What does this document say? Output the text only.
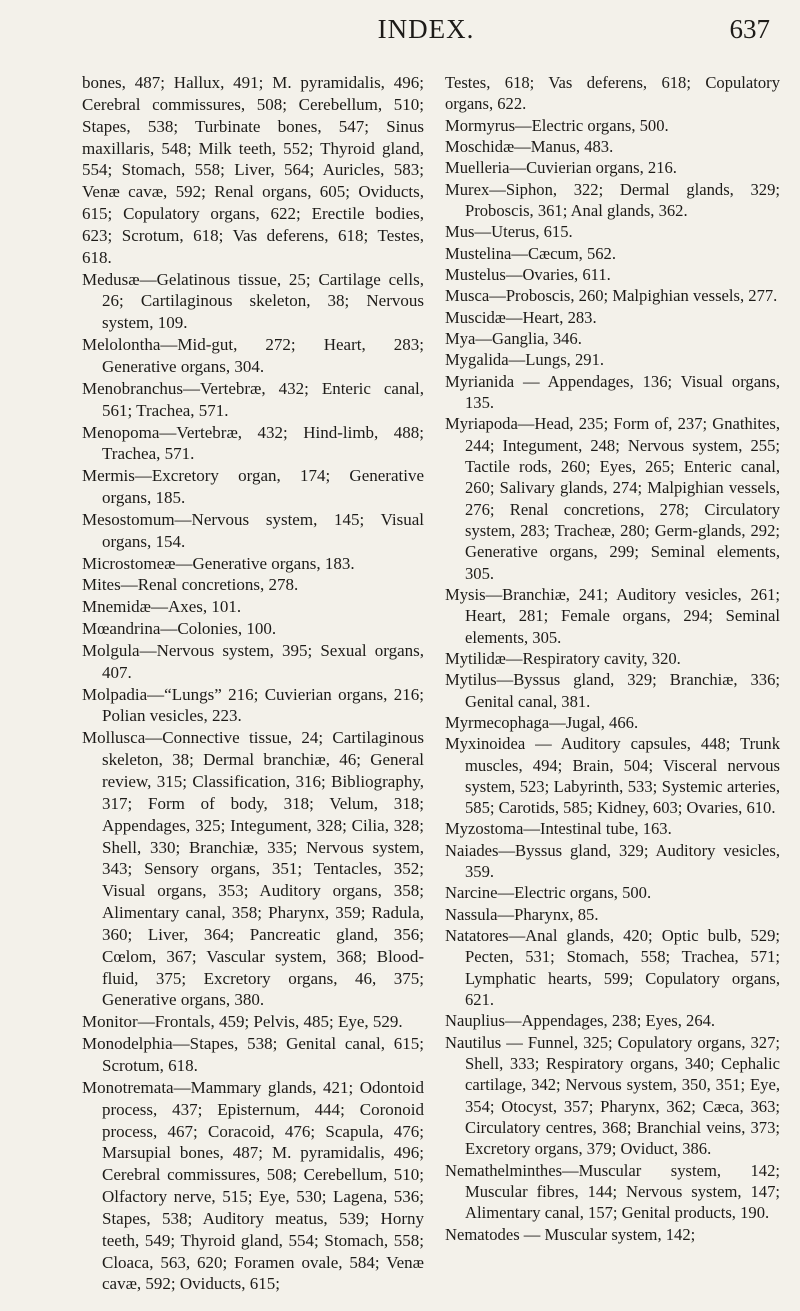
INDEX.	637

bones, 487; Hallux, 491; M. pyramidalis, 496; Cerebral commissures, 508; Cerebellum, 510; Stapes, 538; Turbinate bones, 547; Sinus maxillaris, 548; Milk teeth, 552; Thyroid gland, 554; Stomach, 558; Liver, 564; Auricles, 583; Venæ cavæ, 592; Renal organs, 605; Oviducts, 615; Copulatory organs, 622; Erectile bodies, 623; Scrotum, 618; Vas deferens, 618; Testes, 618.

Medusæ—Gelatinous tissue, 25; Cartilage cells, 26; Cartilaginous skeleton, 38; Nervous system, 109.

Melolontha—Mid-gut, 272; Heart, 283; Generative organs, 304.

Menobranchus—Vertebræ, 432; Enteric canal, 561; Trachea, 571.

Menopoma—Vertebræ, 432; Hind-limb, 488; Trachea, 571.

Mermis—Excretory organ, 174; Generative organs, 185.

Mesostomum—Nervous system, 145; Visual organs, 154.

Microstomeæ—Generative organs, 183.

Mites—Renal concretions, 278.

Mnemidæ—Axes, 101.

Mœandrina—Colonies, 100.

Molgula—Nervous system, 395; Sexual organs, 407.

Molpadia—“Lungs” 216; Cuvierian organs, 216; Polian vesicles, 223.

Mollusca—Connective tissue, 24; Cartilaginous skeleton, 38; Dermal branchiæ, 46; General review, 315; Classification, 316; Bibliography, 317; Form of body, 318; Velum, 318; Appendages, 325; Integument, 328; Cilia, 328; Shell, 330; Branchiæ, 335; Nervous system, 343; Sensory organs, 351; Tentacles, 352; Visual organs, 353; Auditory organs, 358; Alimentary canal, 358; Pharynx, 359; Radula, 360; Liver, 364; Pancreatic gland, 356; Cœlom, 367; Vascular system, 368; Blood-fluid, 375; Excretory organs, 46, 375; Generative organs, 380.

Monitor—Frontals, 459; Pelvis, 485; Eye, 529.

Monodelphia—Stapes, 538; Genital canal, 615; Scrotum, 618.

Monotremata—Mammary glands, 421; Odontoid process, 437; Episternum, 444; Coronoid process, 467; Coracoid, 476; Scapula, 476; Marsupial bones, 487; M. pyramidalis, 496; Cerebral commissures, 508; Cerebellum, 510; Olfactory nerve, 515; Eye, 530; Lagena, 536; Stapes, 538; Auditory meatus, 539; Horny teeth, 549; Thyroid gland, 554; Stomach, 558; Cloaca, 563, 620; Foramen ovale, 584; Venæ cavæ, 592; Oviducts, 615;

Testes, 618; Vas deferens, 618; Copulatory organs, 622.

Mormyrus—Electric organs, 500.

Moschidæ—Manus, 483.

Muelleria—Cuvierian organs, 216.

Murex—Siphon, 322; Dermal glands, 329; Proboscis, 361; Anal glands, 362.

Mus—Uterus, 615.

Mustelina—Cæcum, 562.

Mustelus—Ovaries, 611.

Musca—Proboscis, 260; Malpighian vessels, 277.

Muscidæ—Heart, 283.

Mya—Ganglia, 346.

Mygalida—Lungs, 291.

Myrianida — Appendages, 136; Visual organs, 135.

Myriapoda—Head, 235; Form of, 237; Gnathites, 244; Integument, 248; Nervous system, 255; Tactile rods, 260; Eyes, 265; Enteric canal, 260; Salivary glands, 274; Malpighian vessels, 276; Renal concretions, 278; Circulatory system, 283; Tracheæ, 280; Germ-glands, 292; Generative organs, 299; Seminal elements, 305.

Mysis—Branchiæ, 241; Auditory vesicles, 261; Heart, 281; Female organs, 294; Seminal elements, 305.

Mytilidæ—Respiratory cavity, 320.

Mytilus—Byssus gland, 329; Branchiæ, 336; Genital canal, 381.

Myrmecophaga—Jugal, 466.

Myxinoidea — Auditory capsules, 448; Trunk muscles, 494; Brain, 504; Visceral nervous system, 523; Labyrinth, 533; Systemic arteries, 585; Carotids, 585; Kidney, 603; Ovaries, 610.

Myzostoma—Intestinal tube, 163.

Naiades—Byssus gland, 329; Auditory vesicles, 359.

Narcine—Electric organs, 500.

Nassula—Pharynx, 85.

Natatores—Anal glands, 420; Optic bulb, 529; Pecten, 531; Stomach, 558; Trachea, 571; Lymphatic hearts, 599; Copulatory organs, 621.

Nauplius—Appendages, 238; Eyes, 264.

Nautilus — Funnel, 325; Copulatory organs, 327; Shell, 333; Respiratory organs, 340; Cephalic cartilage, 342; Nervous system, 350, 351; Eye, 354; Otocyst, 357; Pharynx, 362; Cæca, 363; Circulatory centres, 368; Branchial veins, 373; Excretory organs, 379; Oviduct, 386.

Nemathelminthes—Muscular system, 142; Muscular fibres, 144; Nervous system, 147; Alimentary canal, 157; Genital products, 190.

Nematodes — Muscular system, 142;
